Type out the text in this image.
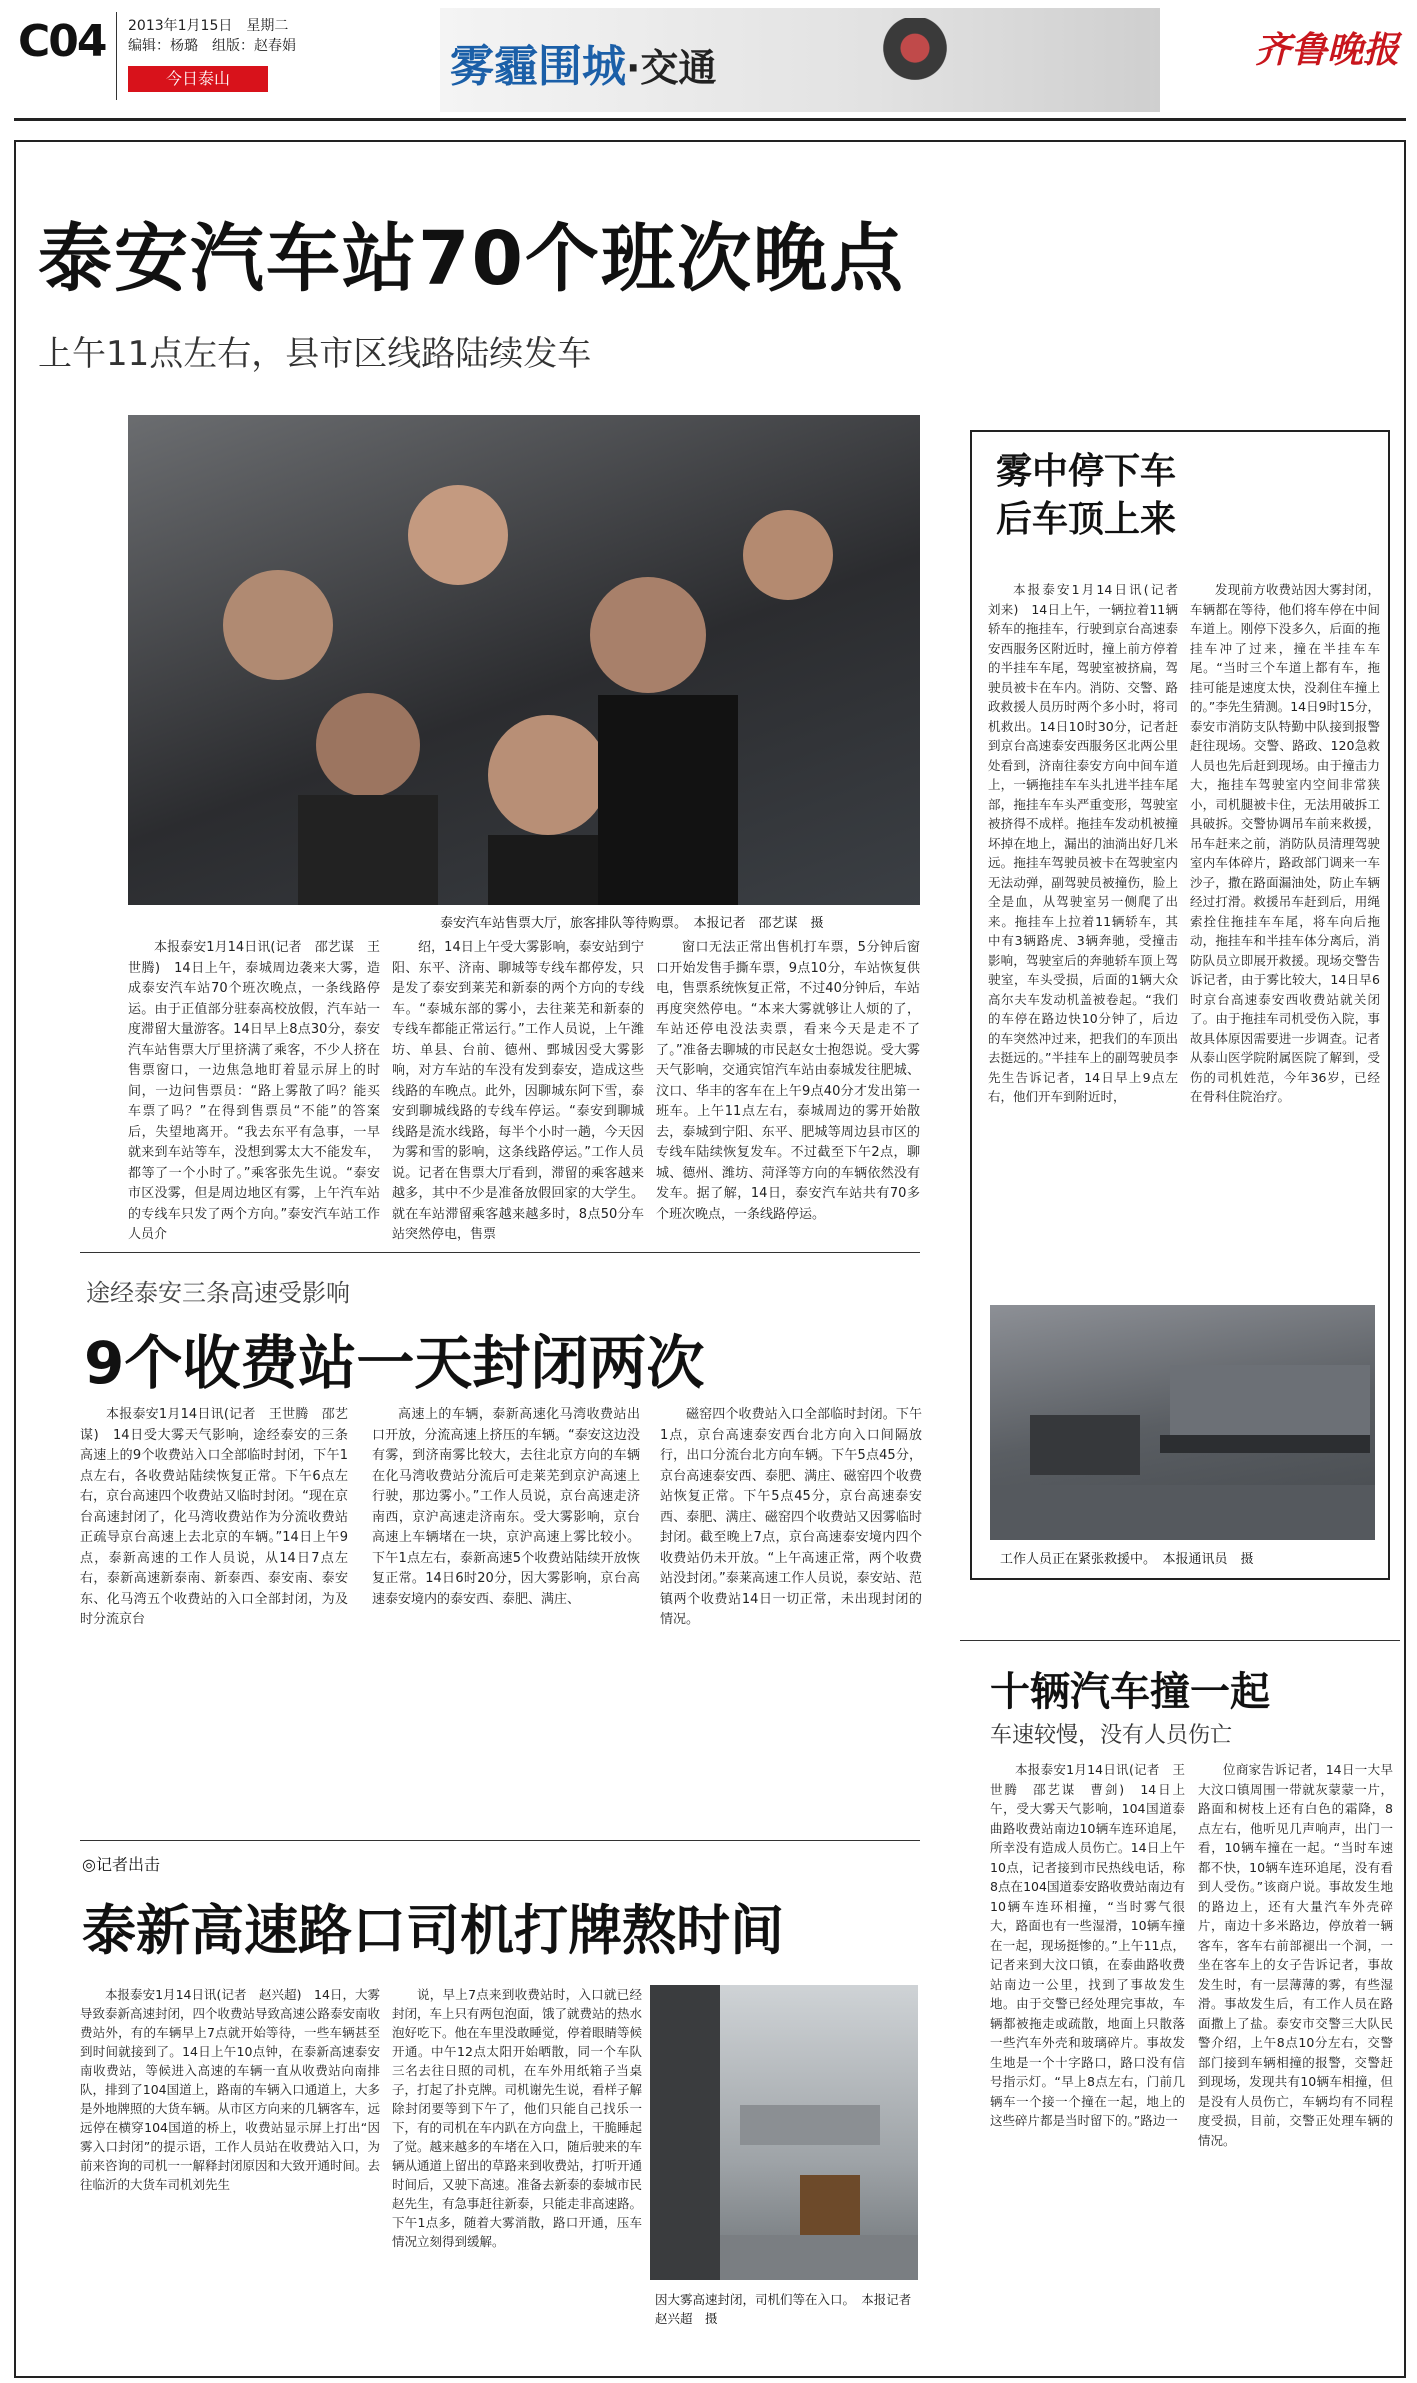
C04 2013年1月15日　星期二
编辑：杨璐　组版：赵春娟
今日泰山	雾霾围城·交通	齐鲁晚报
泰安汽车站70个班次晚点
上午11点左右，县市区线路陆续发车
泰安汽车站售票大厅，旅客排队等待购票。　本报记者　邵艺谋　摄

本报泰安1月14日讯(记者　邵艺谋　王世腾)　14日上午，泰城周边袭来大雾，造成泰安汽车站70个班次晚点，一条线路停运。由于正值部分驻泰高校放假，汽车站一度滞留大量游客。14日早上8点30分，泰安汽车站售票大厅里挤满了乘客，不少人挤在售票窗口，一边焦急地盯着显示屏上的时间，一边问售票员：“路上雾散了吗？能买车票了吗？”在得到售票员“不能”的答案后，失望地离开。“我去东平有急事，一早就来到车站等车，没想到雾太大不能发车，都等了一个小时了。”乘客张先生说。“泰安市区没雾，但是周边地区有雾，上午汽车站的专线车只发了两个方向。”泰安汽车站工作人员介

绍，14日上午受大雾影响，泰安站到宁阳、东平、济南、聊城等专线车都停发，只是发了泰安到莱芜和新泰的两个方向的专线车。“泰城东部的雾小，去往莱芜和新泰的专线车都能正常运行。”工作人员说，上午潍坊、单县、台前、德州、鄄城因受大雾影响，对方车站的车没有发到泰安，造成这些线路的车晚点。此外，因聊城东阿下雪，泰安到聊城线路的专线车停运。“泰安到聊城线路是流水线路，每半个小时一趟，今天因为雾和雪的影响，这条线路停运。”工作人员说。记者在售票大厅看到，滞留的乘客越来越多，其中不少是准备放假回家的大学生。就在车站滞留乘客越来越多时，8点50分车站突然停电，售票

窗口无法正常出售机打车票，5分钟后窗口开始发售手撕车票，9点10分，车站恢复供电，售票系统恢复正常，不过40分钟后，车站再度突然停电。“本来大雾就够让人烦的了，车站还停电没法卖票，看来今天是走不了了。”准备去聊城的市民赵女士抱怨说。受大雾天气影响，交通宾馆汽车站由泰城发往肥城、汶口、华丰的客车在上午9点40分才发出第一班车。上午11点左右，泰城周边的雾开始散去，泰城到宁阳、东平、肥城等周边县市区的专线车陆续恢复发车。不过截至下午2点，聊城、德州、潍坊、菏泽等方向的车辆依然没有发车。据了解，14日，泰安汽车站共有70多个班次晚点，一条线路停运。

雾中停下车
后车顶上来

本报泰安1月14日讯(记者　刘来)　14日上午，一辆拉着11辆轿车的拖挂车，行驶到京台高速泰安西服务区附近时，撞上前方停着的半挂车车尾，驾驶室被挤扁，驾驶员被卡在车内。消防、交警、路政救援人员历时两个多小时，将司机救出。14日10时30分，记者赶到京台高速泰安西服务区北两公里处看到，济南往泰安方向中间车道上，一辆拖挂车车头扎进半挂车尾部，拖挂车车头严重变形，驾驶室被挤得不成样。拖挂车发动机被撞坏掉在地上，漏出的油淌出好几米远。拖挂车驾驶员被卡在驾驶室内无法动弹，副驾驶员被撞伤，脸上全是血，从驾驶室另一侧爬了出来。拖挂车上拉着11辆轿车，其中有3辆路虎、3辆奔驰，受撞击影响，驾驶室后的奔驰轿车顶上驾驶室，车头受损，后面的1辆大众高尔夫车发动机盖被卷起。“我们的车停在路边快10分钟了，后边的车突然冲过来，把我们的车顶出去挺远的。”半挂车上的副驾驶员李先生告诉记者，14日早上9点左右，他们开车到附近时，

发现前方收费站因大雾封闭，车辆都在等待，他们将车停在中间车道上。刚停下没多久，后面的拖挂车冲了过来，撞在半挂车车尾。“当时三个车道上都有车，拖挂可能是速度太快，没刹住车撞上的。”李先生猜测。14日9时15分，泰安市消防支队特勤中队接到报警赶往现场。交警、路政、120急救人员也先后赶到现场。由于撞击力大，拖挂车驾驶室内空间非常狭小，司机腿被卡住，无法用破拆工具破拆。交警协调吊车前来救援，吊车赶来之前，消防队员清理驾驶室内车体碎片，路政部门调来一车沙子，撒在路面漏油处，防止车辆经过打滑。救援吊车赶到后，用绳索拴住拖挂车车尾，将车向后拖动，拖挂车和半挂车体分离后，消防队员立即展开救援。现场交警告诉记者，由于雾比较大，14日早6时京台高速泰安西收费站就关闭了。由于拖挂车司机受伤入院，事故具体原因需要进一步调查。记者从泰山医学院附属医院了解到，受伤的司机姓范，今年36岁，已经在骨科住院治疗。

工作人员正在紧张救援中。　本报通讯员　摄
途经泰安三条高速受影响
9个收费站一天封闭两次

本报泰安1月14日讯(记者　王世腾　邵艺谋)　14日受大雾天气影响，途经泰安的三条高速上的9个收费站入口全部临时封闭，下午1点左右，各收费站陆续恢复正常。下午6点左右，京台高速四个收费站又临时封闭。“现在京台高速封闭了，化马湾收费站作为分流收费站正疏导京台高速上去北京的车辆。”14日上午9点，泰新高速的工作人员说，从14日7点左右，泰新高速新泰南、新泰西、泰安南、泰安东、化马湾五个收费站的入口全部封闭，为及时分流京台

高速上的车辆，泰新高速化马湾收费站出口开放，分流高速上挤压的车辆。“泰安这边没有雾，到济南雾比较大，去往北京方向的车辆在化马湾收费站分流后可走莱芜到京沪高速上行驶，那边雾小。”工作人员说，京台高速走济南西，京沪高速走济南东。受大雾影响，京台高速上车辆堵在一块，京沪高速上雾比较小。下午1点左右，泰新高速5个收费站陆续开放恢复正常。14日6时20分，因大雾影响，京台高速泰安境内的泰安西、泰肥、满庄、

磁窑四个收费站入口全部临时封闭。下午1点，京台高速泰安西台北方向入口间隔放行，出口分流台北方向车辆。下午5点45分，京台高速泰安西、泰肥、满庄、磁窑四个收费站恢复正常。下午5点45分，京台高速泰安西、泰肥、满庄、磁窑四个收费站又因雾临时封闭。截至晚上7点，京台高速泰安境内四个收费站仍未开放。“上午高速正常，两个收费站没封闭。”泰莱高速工作人员说，泰安站、范镇两个收费站14日一切正常，未出现封闭的情况。

◎记者出击
泰新高速路口司机打牌熬时间

本报泰安1月14日讯(记者　赵兴超)　14日，大雾导致泰新高速封闭，四个收费站导致高速公路泰安南收费站外，有的车辆早上7点就开始等待，一些车辆甚至到时间就接到了。14日上午10点钟，在泰新高速泰安南收费站，等候进入高速的车辆一直从收费站向南排队，排到了104国道上，路南的车辆入口通道上，大多是外地牌照的大货车辆。从市区方向来的几辆客车，远远停在横穿104国道的桥上，收费站显示屏上打出“因雾入口封闭”的提示语，工作人员站在收费站入口，为前来咨询的司机一一解释封闭原因和大致开通时间。去往临沂的大货车司机刘先生

说，早上7点来到收费站时，入口就已经封闭，车上只有两包泡面，饿了就费站的热水泡好吃下。他在车里没敢睡觉，停着眼睛等候开通。中午12点太阳开始晒散，同一个车队三名去往日照的司机，在车外用纸箱子当桌子，打起了扑克牌。司机谢先生说，看样子解除封闭要等到下午了，他们只能自己找乐一下，有的司机在车内趴在方向盘上，干脆睡起了觉。越来越多的车堵在入口，随后驶来的车辆从通道上留出的草路来到收费站，打听开通时间后，又驶下高速。准备去新泰的泰城市民赵先生，有急事赶往新泰，只能走非高速路。下午1点多，随着大雾消散，路口开通，压车情况立刻得到缓解。

因大雾高速封闭，司机们等在入口。　本报记者　赵兴超　摄
十辆汽车撞一起
车速较慢，没有人员伤亡

本报泰安1月14日讯(记者　王世腾　邵艺谋　曹剑)　14日上午，受大雾天气影响，104国道泰曲路收费站南边10辆车连环追尾，所幸没有造成人员伤亡。14日上午10点，记者接到市民热线电话，称8点在104国道泰安路收费站南边有10辆车连环相撞，“当时雾气很大，路面也有一些湿滑，10辆车撞在一起，现场挺惨的。”上午11点，记者来到大汶口镇，在泰曲路收费站南边一公里，找到了事故发生地。由于交警已经处理完事故，车辆都被拖走或疏散，地面上只散落一些汽车外壳和玻璃碎片。事故发生地是一个十字路口，路口没有信号指示灯。“早上8点左右，门前几辆车一个接一个撞在一起，地上的这些碎片都是当时留下的。”路边一

位商家告诉记者，14日一大早大汶口镇周围一带就灰蒙蒙一片，路面和树枝上还有白色的霜降，8点左右，他听见几声响声，出门一看，10辆车撞在一起。“当时车速都不快，10辆车连环追尾，没有看到人受伤。”该商户说。事故发生地的路边上，还有大量汽车外壳碎片，南边十多米路边，停放着一辆客车，客车右前部褪出一个洞，一坐在客车上的女子告诉记者，事故发生时，有一层薄薄的雾，有些湿滑。事故发生后，有工作人员在路面撒上了盐。泰安市交警三大队民警介绍，上午8点10分左右，交警部门接到车辆相撞的报警，交警赶到现场，发现共有10辆车相撞，但是没有人员伤亡，车辆均有不同程度受损，目前，交警正处理车辆的情况。
